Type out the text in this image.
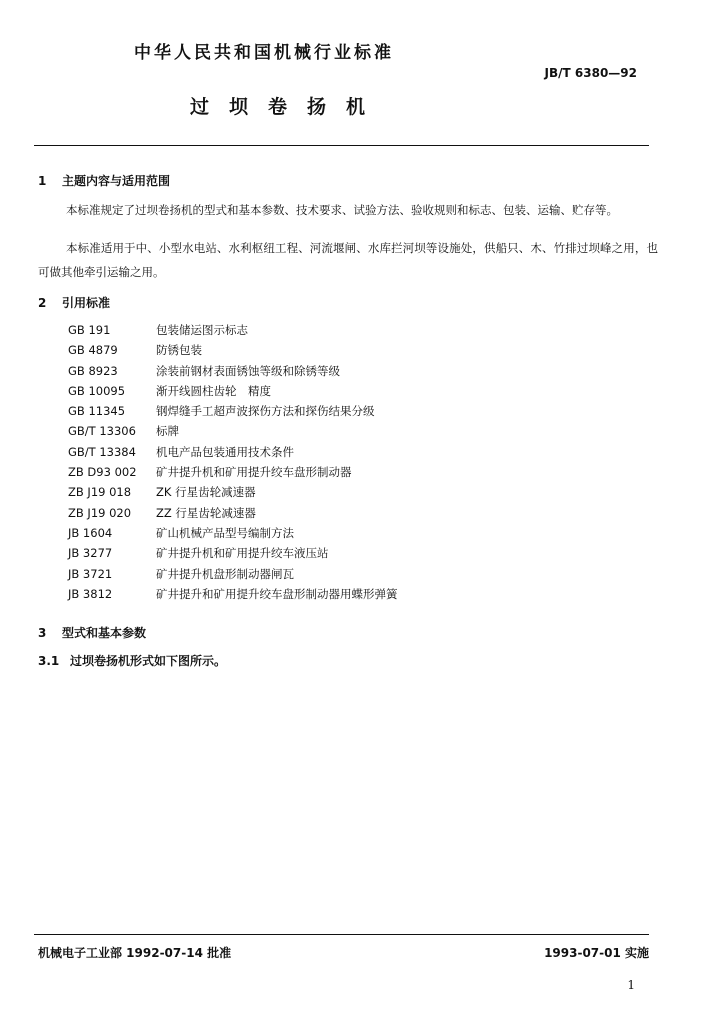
中华人民共和国机械行业标准
JB/T 6380—92
过坝卷扬机
1 主题内容与适用范围

本标准规定了过坝卷扬机的型式和基本参数、技术要求、试验方法、验收规则和标志、包装、运输、贮存等。

本标准适用于中、小型水电站、水利枢纽工程、河流堰闸、水库拦河坝等设施处，供船只、木、竹排过坝峰之用，也可做其他牵引运输之用。

2 引用标准
GB 191	包装储运图示标志
GB 4879	防锈包装
GB 8923	涂装前钢材表面锈蚀等级和除锈等级
GB 10095	渐开线圆柱齿轮　精度
GB 11345	钢焊缝手工超声波探伤方法和探伤结果分级
GB/T 13306 标牌
GB/T 13384 机电产品包装通用技术条件
ZB D93 002 矿井提升机和矿用提升绞车盘形制动器
ZB J19 018 ZK 行星齿轮减速器
ZB J19 020 ZZ 行星齿轮减速器
JB 1604	矿山机械产品型号编制方法
JB 3277	矿井提升机和矿用提升绞车液压站
JB 3721	矿井提升机盘形制动器闸瓦
JB 3812	矿井提升和矿用提升绞车盘形制动器用蝶形弹簧
3 型式和基本参数
3.1 过坝卷扬机形式如下图所示。
机械电子工业部 1992-07-14 批准	1993-07-01 实施
1
